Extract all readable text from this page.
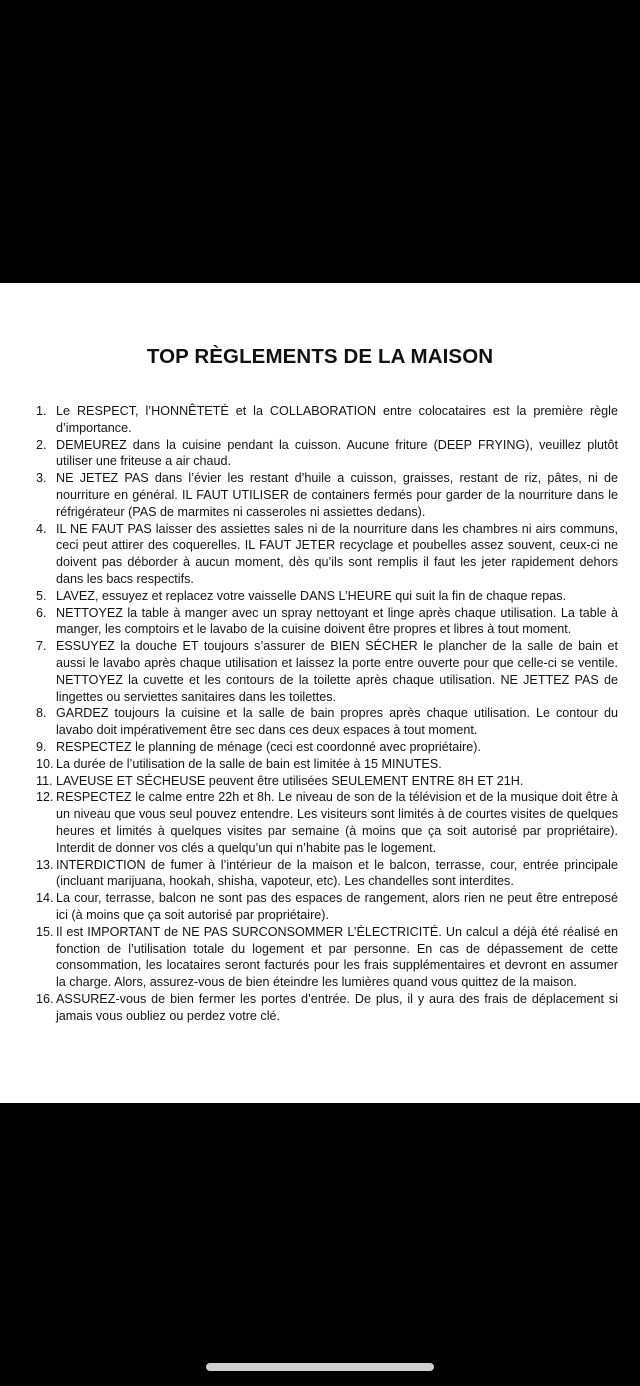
TOP RÈGLEMENTS DE LA MAISON
1. Le RESPECT, l’HONNÊTETÉ et la COLLABORATION entre colocataires est la première règle d’importance.
2. DEMEUREZ dans la cuisine pendant la cuisson. Aucune friture (DEEP FRYING), veuillez plutôt utiliser une friteuse a air chaud.
3. NE JETEZ PAS dans l’évier les restant d’huile a cuisson, graisses, restant de riz, pâtes, ni de nourriture en général. IL FAUT UTILISER de containers fermés pour garder de la nourriture dans le réfrigérateur (PAS de marmites ni casseroles ni assiettes dedans).
4. IL NE FAUT PAS laisser des assiettes sales ni de la nourriture dans les chambres ni airs communs, ceci peut attirer des coquerelles. IL FAUT JETER recyclage et poubelles assez souvent, ceux-ci ne doivent pas déborder à aucun moment, dès qu’ils sont remplis il faut les jeter rapidement dehors dans les bacs respectifs.
5. LAVEZ, essuyez et replacez votre vaisselle DANS L’HEURE qui suit la fin de chaque repas.
6. NETTOYEZ la table à manger avec un spray nettoyant et linge après chaque utilisation. La table à manger, les comptoirs et le lavabo de la cuisine doivent être propres et libres à tout moment.
7. ESSUYEZ la douche ET toujours s’assurer de BIEN SÉCHER le plancher de la salle de bain et aussi le lavabo après chaque utilisation et laissez la porte entre ouverte pour que celle-ci se ventile. NETTOYEZ la cuvette et les contours de la toilette après chaque utilisation. NE JETTEZ PAS de lingettes ou serviettes sanitaires dans les toilettes.
8. GARDEZ toujours la cuisine et la salle de bain propres après chaque utilisation. Le contour du lavabo doit impérativement être sec dans ces deux espaces à tout moment.
9. RESPECTEZ le planning de ménage (ceci est coordonné avec propriétaire).
10. La durée de l’utilisation de la salle de bain est limitée à 15 MINUTES.
11. LAVEUSE ET SÉCHEUSE peuvent être utilisées SEULEMENT ENTRE 8H ET 21H.
12. RESPECTEZ le calme entre 22h et 8h. Le niveau de son de la télévision et de la musique doit être à un niveau que vous seul pouvez entendre. Les visiteurs sont limités à de courtes visites de quelques heures et limités à quelques visites par semaine (à moins que ça soit autorisé par propriétaire). Interdit de donner vos clés a quelqu’un qui n’habite pas le logement.
13. INTERDICTION de fumer à l’intérieur de la maison et le balcon, terrasse, cour, entrée principale (incluant marijuana, hookah, shisha, vapoteur, etc). Les chandelles sont interdites.
14. La cour, terrasse, balcon ne sont pas des espaces de rangement, alors rien ne peut être entreposé ici (à moins que ça soit autorisé par propriétaire).
15. Il est IMPORTANT de NE PAS SURCONSOMMER L’ÉLECTRICITÉ. Un calcul a déjà été réalisé en fonction de l’utilisation totale du logement et par personne. En cas de dépassement de cette consommation, les locataires seront facturés pour les frais supplémentaires et devront en assumer la charge. Alors, assurez-vous de bien éteindre les lumières quand vous quittez de la maison.
16. ASSUREZ-vous de bien fermer les portes d’entrée. De plus, il y aura des frais de déplacement si jamais vous oubliez ou perdez votre clé.
